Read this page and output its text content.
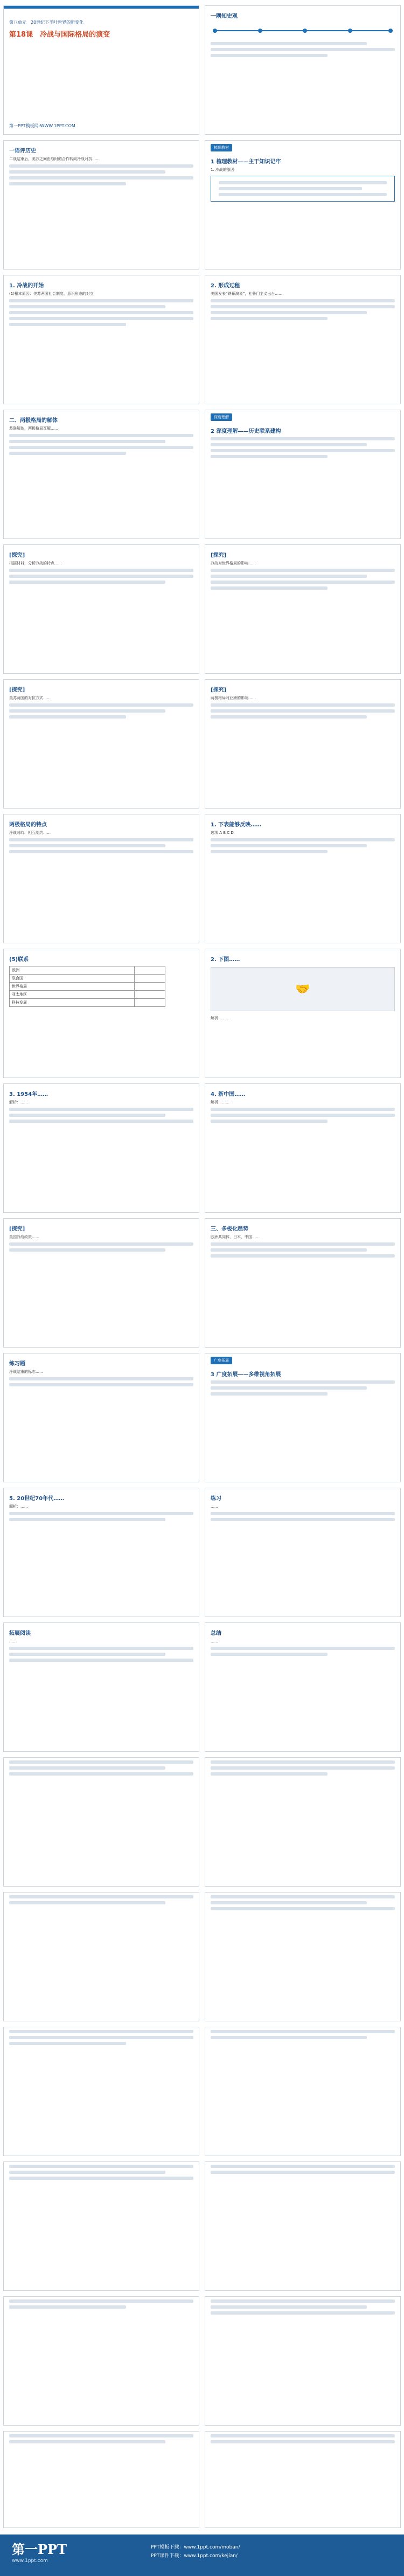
第八单元　20世纪下半叶世界的新变化
第18课　冷战与国际格局的演变
第一PPT模板网-WWW.1PPT.COM
一隅知史观
一语评历史
二战结束后，美苏之间由战时的合作转向冷战对抗……
梳理教材
1 梳理教材——主干知识记牢
1. 冷战的原因
1. 冷战的开始
(1)根本原因：美苏两国社会制度、意识形态的对立
2. 形成过程
美国发表“铁幕演说”，杜鲁门主义出台……
二、两极格局的解体
苏联解体，两极格局瓦解……
深度理解
2 深度理解——历史联系建构
[探究]
根据材料，分析冷战的特点……
[探究]
冷战对世界格局的影响……
[探究]
美苏两国的对抗方式……
[探究]
两极格局对亚洲的影响……
两极格局的特点
冷战对峙、相互制约……
1. 下表能够反映……
选项 A B C D
(5)联系
欧洲	
联合国	
世界格局	
亚太地区	
科技发展	
2. 下图……
🤝
解析：……
3. 1954年……
解析：……
4. 新中国……
解析：……
[探究]
美国冷战政策……
三、多极化趋势
欧洲共同体、日本、中国……
练习题
冷战结束的标志……
广度拓展
3 广度拓展——多维视角拓展
5. 20世纪70年代……
解析：……
练习
……
拓展阅读
……
总结
……
第一PPT
www.1ppt.com
PPT模板下载：www.1ppt.com/moban/
PPT课件下载：www.1ppt.com/kejian/
